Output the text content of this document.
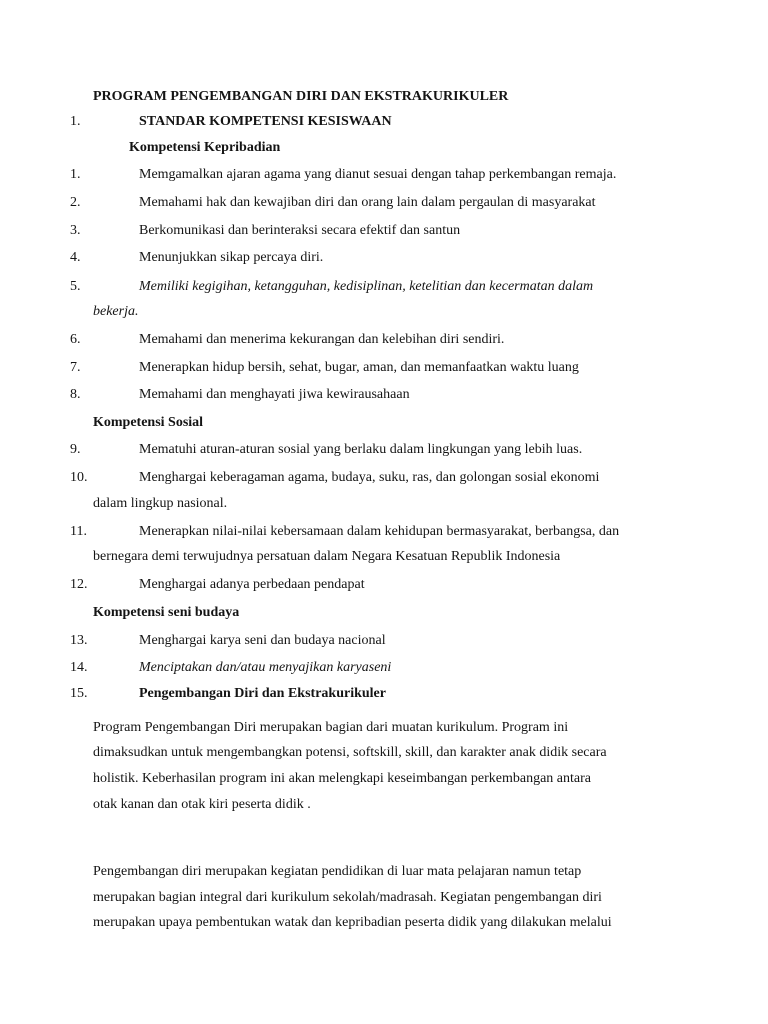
PROGRAM PENGEMBANGAN DIRI DAN EKSTRAKURIKULER
1.	STANDAR KOMPETENSI KESISWAAN
Kompetensi Kepribadian
1.	Memgamalkan ajaran agama yang dianut sesuai dengan tahap perkembangan remaja.
2.	Memahami hak dan kewajiban diri dan orang lain dalam pergaulan di masyarakat
3.	Berkomunikasi dan berinteraksi secara efektif dan santun
4.	Menunjukkan sikap percaya diri.
5.	Memiliki kegigihan, ketangguhan, kedisiplinan, ketelitian dan kecermatan dalam
bekerja.
6.	Memahami dan menerima kekurangan dan kelebihan diri sendiri.
7.	Menerapkan hidup bersih, sehat, bugar, aman, dan memanfaatkan waktu luang
8.	Memahami dan menghayati jiwa kewirausahaan
Kompetensi Sosial
9.	Mematuhi aturan-aturan sosial yang berlaku dalam lingkungan yang lebih luas.
10.	Menghargai keberagaman agama, budaya, suku, ras, dan golongan sosial ekonomi
dalam lingkup nasional.
11.	Menerapkan nilai-nilai kebersamaan dalam kehidupan bermasyarakat, berbangsa, dan
bernegara demi terwujudnya persatuan dalam Negara Kesatuan Republik Indonesia
12.	Menghargai adanya perbedaan pendapat
Kompetensi seni budaya
13.	Menghargai karya seni dan budaya nacional
14.	Menciptakan dan/atau menyajikan karyaseni
15.	Pengembangan Diri dan Ekstrakurikuler
Program Pengembangan Diri merupakan bagian dari muatan kurikulum. Program ini
dimaksudkan untuk mengembangkan potensi, softskill, skill, dan karakter anak didik secara
holistik. Keberhasilan program ini akan melengkapi keseimbangan perkembangan antara
otak kanan dan otak kiri peserta didik .
Pengembangan diri merupakan kegiatan pendidikan di luar mata pelajaran namun tetap
merupakan bagian integral dari kurikulum sekolah/madrasah. Kegiatan pengembangan diri
merupakan upaya pembentukan watak dan kepribadian peserta didik yang dilakukan melalui
